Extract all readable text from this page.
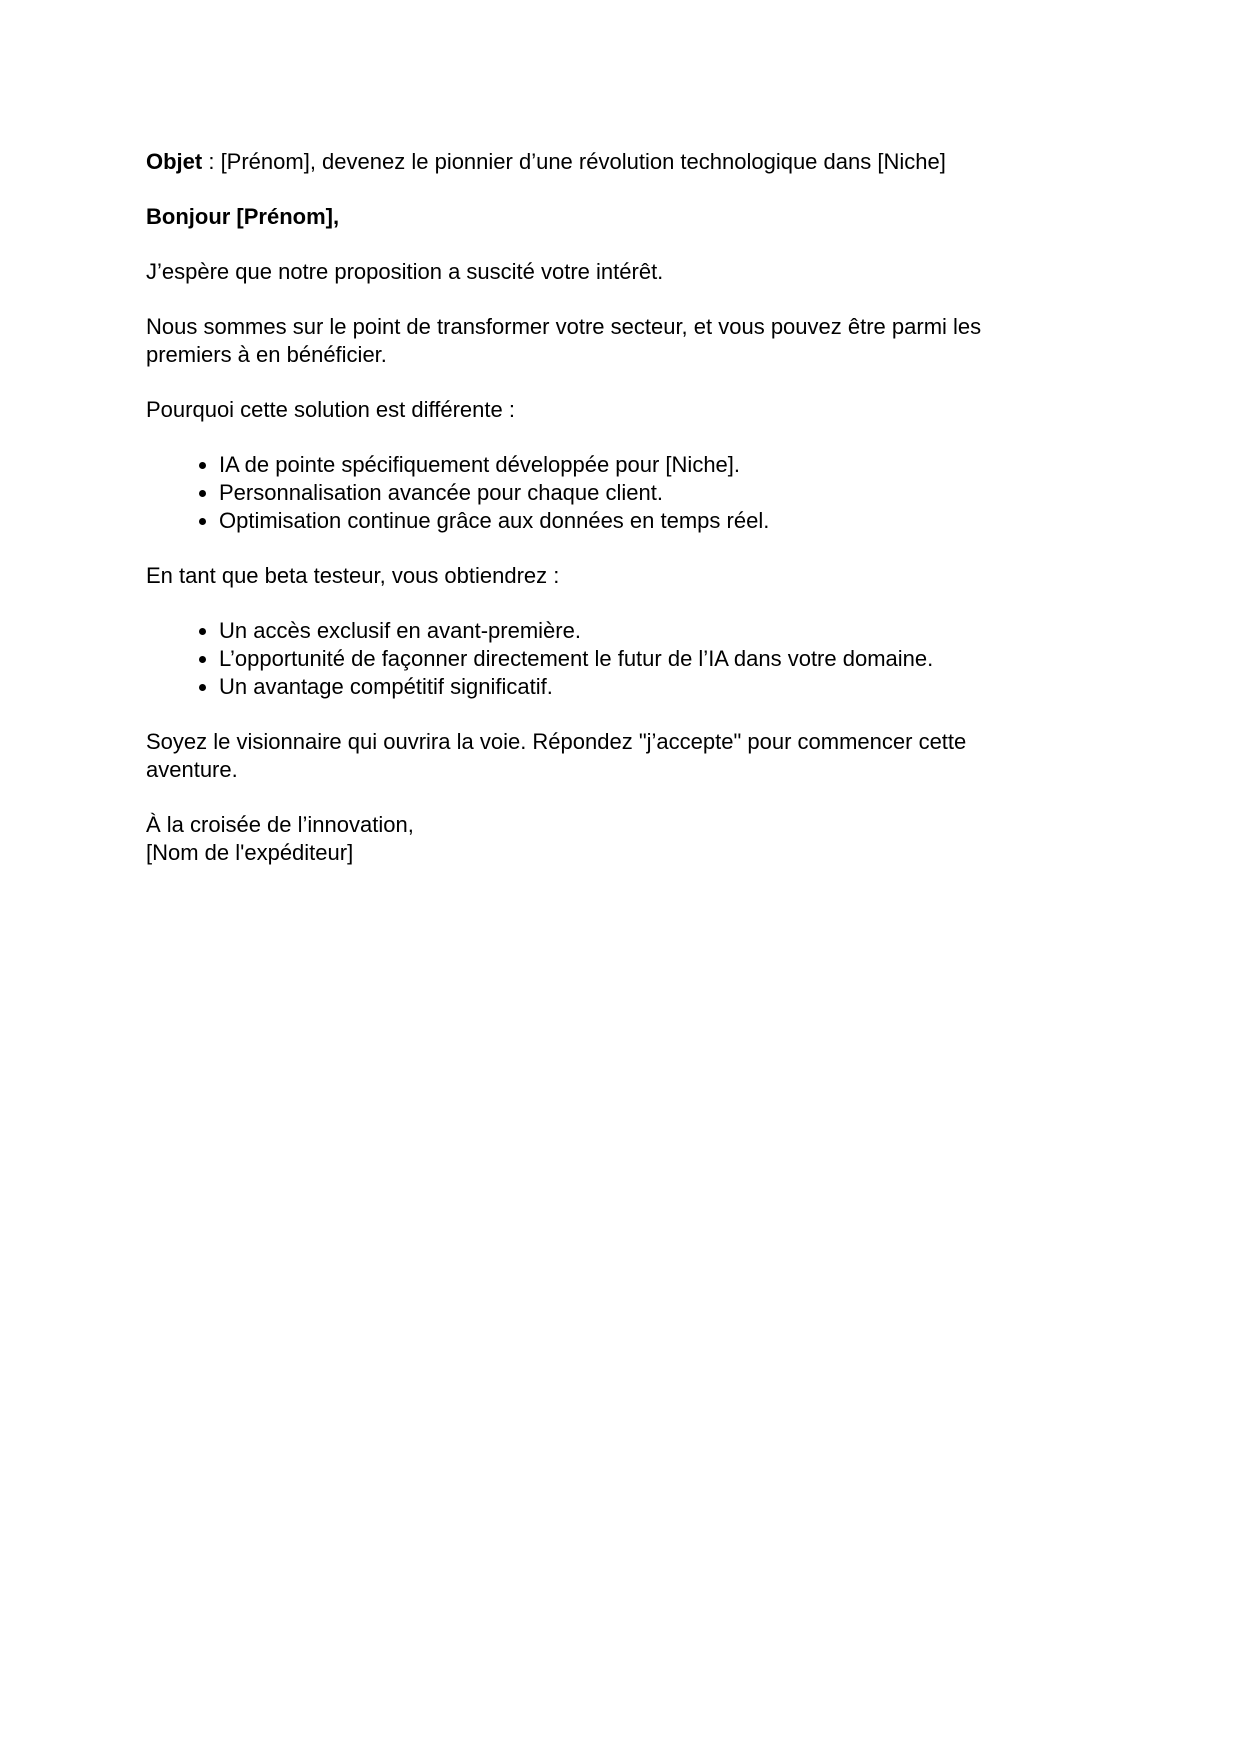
Objet : [Prénom], devenez le pionnier d’une révolution technologique dans [Niche]

Bonjour [Prénom],

J’espère que notre proposition a suscité votre intérêt.

Nous sommes sur le point de transformer votre secteur, et vous pouvez être parmi les
premiers à en bénéficier.

Pourquoi cette solution est différente :

• IA de pointe spécifiquement développée pour [Niche].
• Personnalisation avancée pour chaque client.
• Optimisation continue grâce aux données en temps réel.

En tant que beta testeur, vous obtiendrez :

• Un accès exclusif en avant-première.
• L’opportunité de façonner directement le futur de l’IA dans votre domaine.
• Un avantage compétitif significatif.
Soyez le visionnaire qui ouvrira la voie. Répondez "j’accepte" pour commencer cette
aventure.
À la croisée de l’innovation,
[Nom de l'expéditeur]
